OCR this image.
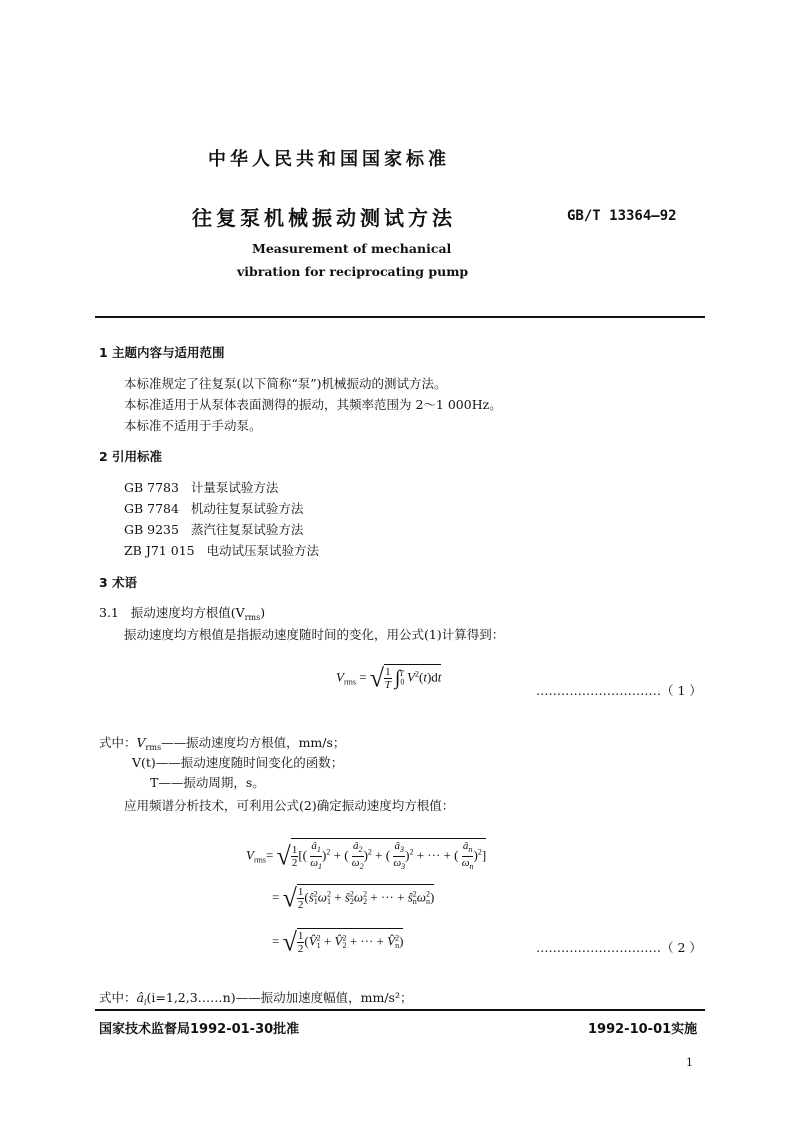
中华人民共和国国家标准
往复泵机械振动测试方法	GB/T 13364—92
Measurement of mechanical
vibration for reciprocating pump
1 主题内容与适用范围
本标准规定了往复泵(以下简称“泵”)机械振动的测试方法。
本标准适用于从泵体表面测得的振动，其频率范围为 2～1 000Hz。
本标准不适用于手动泵。
2 引用标准
GB 7783   计量泵试验方法
GB 7784   机动往复泵试验方法
GB 9235   蒸汽往复泵试验方法
ZB J71 015   电动试压泵试验方法
3 术语
3.1   振动速度均方根值$(V_{rms})$
振动速度均方根值是指振动速度随时间的变化，用公式(1)计算得到：
$V_{rms}$ = √ $\frac{1}{T} \int_0^T$ $V^2(t)dt$
…………………………（ 1 ）
式中：$V_{rms}——$振动速度均方根值，mm/s；
V(t)——振动速度随时间变化的函数；
T——振动周期，s。
应用频谱分析技术，可利用公式(2)确定振动速度均方根值：
$V_{rms}=$ √ $\frac{1}{2}$ [( $\frac{â_1}{\omega_1} )^2$ + ( $\frac{â_2}{\omega_2} )^2$ + ( $\frac{â_3}{\omega_3} )^2$ + ··· + ( $\frac{â_n}{\omega_n} )^2$]
= √ $\frac{1}{2}$ ($ŝ^2_1\omega^2_1$ + $ŝ^2_2\omega^2_2$ + ··· + $ŝ^2_n\omega^2_n$)
= √ $\frac{1}{2}$ (V̂$^2_1$ + V̂$^2_2$ + ··· + V̂$^2_n$)	…………………………（ 2 ）
式中：$â_i(i=1,2,3\dots\dots n)——$振动加速度幅值，mm/s²；
国家技术监督局1992-01-30批准	1992-10-01实施
1
